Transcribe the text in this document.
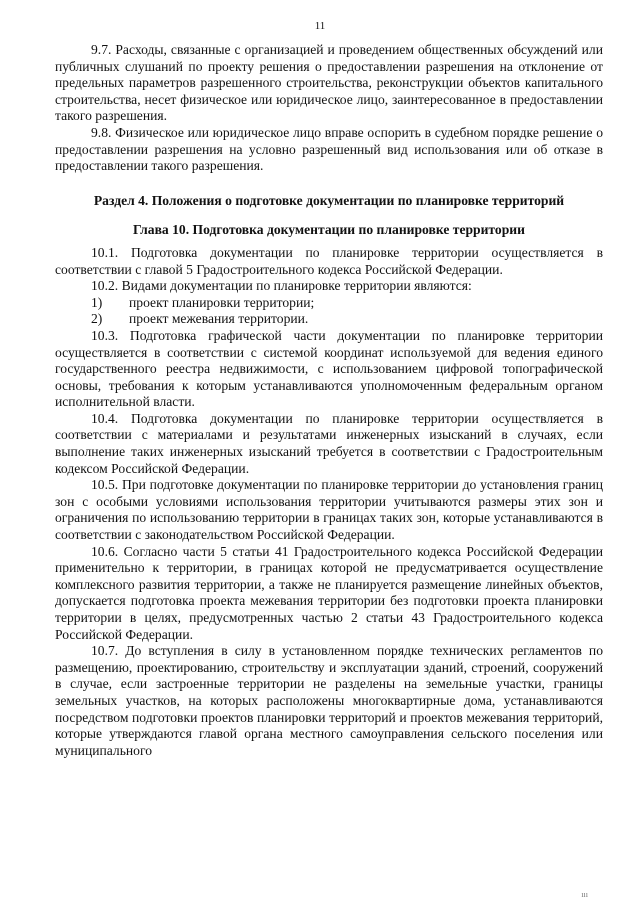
11

9.7. Расходы, связанные с организацией и проведением общественных обсуждений или публичных слушаний по проекту решения о предоставлении разрешения на отклонение от предельных параметров разрешенного строительства, реконструкции объектов капитального строительства, несет физическое или юридическое лицо, заинтересованное в предоставлении такого разрешения.

9.8. Физическое или юридическое лицо вправе оспорить в судебном порядке решение о предоставлении разрешения на условно разрешенный вид использования или об отказе в предоставлении такого разрешения.

Раздел 4. Положения о подготовке документации по планировке территорий
Глава 10. Подготовка документации по планировке территории

10.1. Подготовка документации по планировке территории осуществляется в соответствии с главой 5 Градостроительного кодекса Российской Федерации.

10.2. Видами документации по планировке территории являются:

1) проект планировки территории;
2) проект межевания территории.

10.3. Подготовка графической части документации по планировке территории осуществляется в соответствии с системой координат используемой для ведения единого государственного реестра недвижимости, с использованием цифровой топографической основы, требования к которым устанавливаются уполномоченным федеральным органом исполнительной власти.

10.4. Подготовка документации по планировке территории осуществляется в соответствии с материалами и результатами инженерных изысканий в случаях, если выполнение таких инженерных изысканий требуется в соответствии с Градостроительным кодексом Российской Федерации.

10.5. При подготовке документации по планировке территории до установления границ зон с особыми условиями использования территории учитываются размеры этих зон и ограничения по использованию территории в границах таких зон, которые устанавливаются в соответствии с законодательством Российской Федерации.

10.6. Согласно части 5 статьи 41 Градостроительного кодекса Российской Федерации применительно к территории, в границах которой не предусматривается осуществление комплексного развития территории, а также не планируется размещение линейных объектов, допускается подготовка проекта межевания территории без подготовки проекта планировки территории в целях, предусмотренных частью 2 статьи 43 Градостроительного кодекса Российской Федерации.

10.7. До вступления в силу в установленном порядке технических регламентов по размещению, проектированию, строительству и эксплуатации зданий, строений, сооружений в случае, если застроенные территории не разделены на земельные участки, границы земельных участков, на которых расположены многоквартирные дома, устанавливаются посредством подготовки проектов планировки территорий и проектов межевания территорий, которые утверждаются главой органа местного самоуправления сельского поселения или муниципального

ııı
